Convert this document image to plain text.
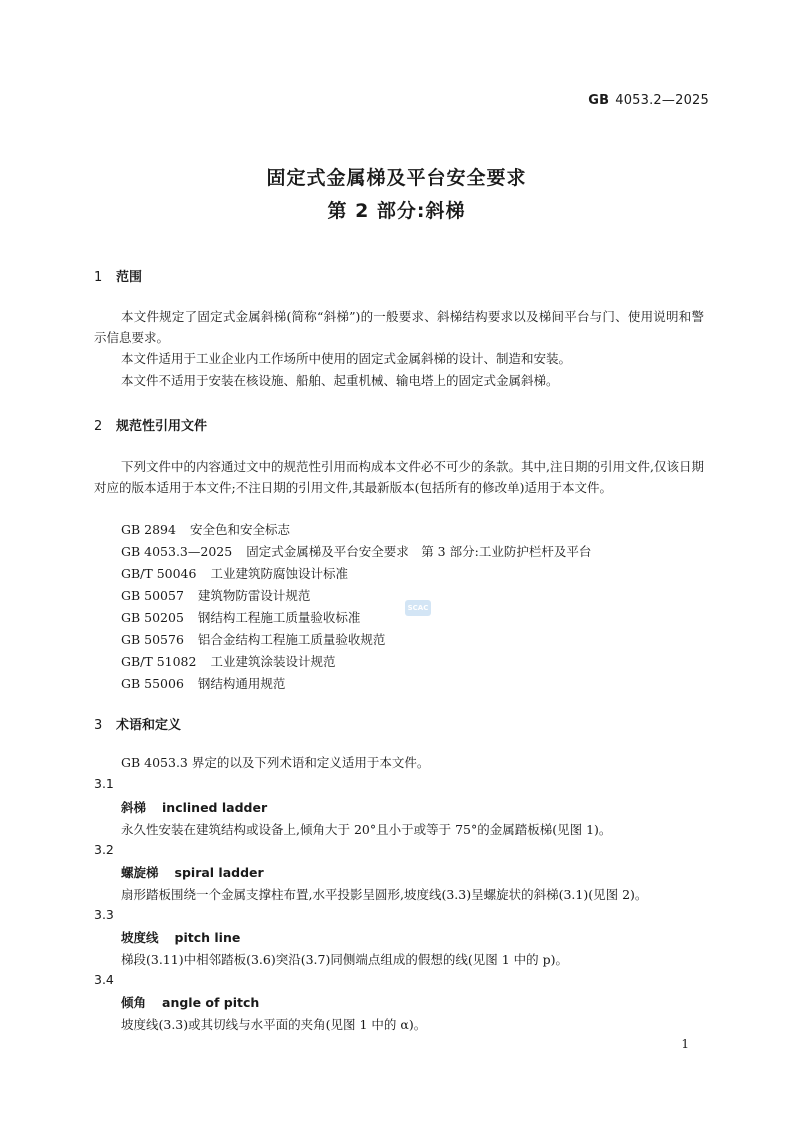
GB 4053.2—2025
固定式金属梯及平台安全要求
第 2 部分:斜梯
1 范围
本文件规定了固定式金属斜梯(简称“斜梯”)的一般要求、斜梯结构要求以及梯间平台与门、使用说明和警示信息要求。
本文件适用于工业企业内工作场所中使用的固定式金属斜梯的设计、制造和安装。
本文件不适用于安装在核设施、船舶、起重机械、输电塔上的固定式金属斜梯。
2 规范性引用文件
下列文件中的内容通过文中的规范性引用而构成本文件必不可少的条款。其中,注日期的引用文件,仅该日期对应的版本适用于本文件;不注日期的引用文件,其最新版本(包括所有的修改单)适用于本文件。
GB 2894 安全色和安全标志
GB 4053.3—2025 固定式金属梯及平台安全要求　第 3 部分:工业防护栏杆及平台
GB/T 50046 工业建筑防腐蚀设计标准
GB 50057 建筑物防雷设计规范
GB 50205 钢结构工程施工质量验收标准
GB 50576 铝合金结构工程施工质量验收规范
GB/T 51082 工业建筑涂装设计规范
GB 55006 钢结构通用规范
SCAC
3 术语和定义
GB 4053.3 界定的以及下列术语和定义适用于本文件。
3.1
斜梯 inclined ladder
永久性安装在建筑结构或设备上,倾角大于 20°且小于或等于 75°的金属踏板梯(见图 1)。
3.2
螺旋梯 spiral ladder
扇形踏板围绕一个金属支撑柱布置,水平投影呈圆形,坡度线(3.3)呈螺旋状的斜梯(3.1)(见图 2)。
3.3
坡度线 pitch line
梯段(3.11)中相邻踏板(3.6)突沿(3.7)同侧端点组成的假想的线(见图 1 中的 p)。
3.4
倾角 angle of pitch
坡度线(3.3)或其切线与水平面的夹角(见图 1 中的 α)。
1
